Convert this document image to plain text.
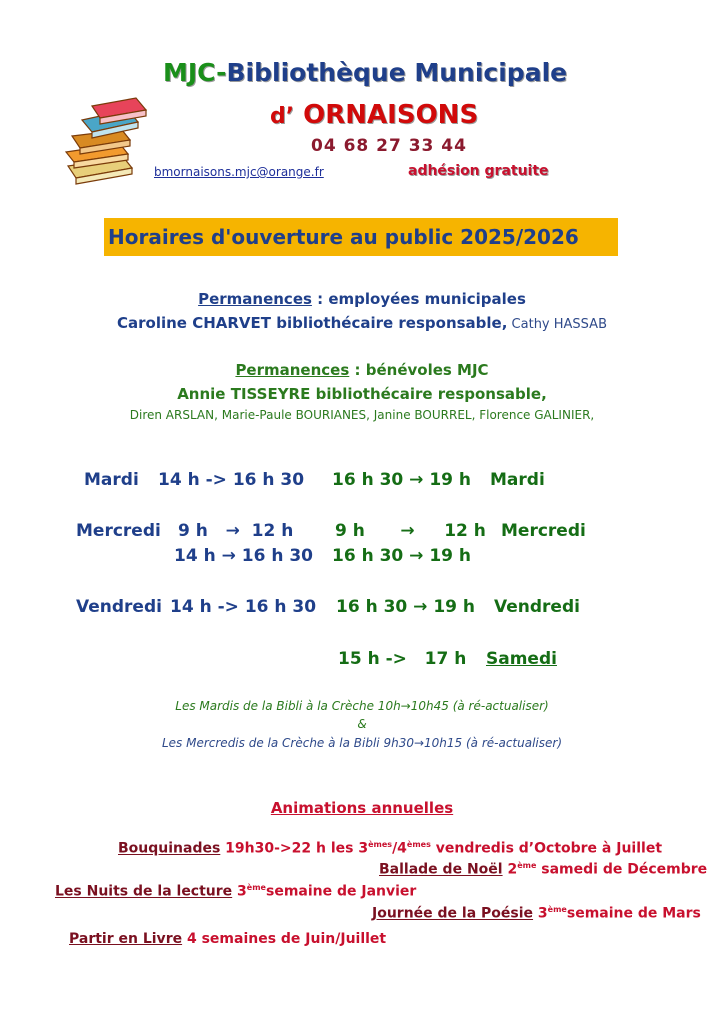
MJC-Bibliothèque Municipale
d’ ORNAISONS
04 68 27 33 44
bmornaisons.mjc@orange.fr	adhésion gratuite
Horaires d'ouverture au public 2025/2026
Permanences : employées municipales
Caroline CHARVET bibliothécaire responsable, Cathy HASSAB
Permanences : bénévoles MJC
Annie TISSEYRE bibliothécaire responsable,
Diren ARSLAN, Marie-Paule BOURIANES, Janine BOURREL, Florence GALINIER,
Mardi 14 h -> 16 h 30 16 h 30 → 19 h Mardi
Mercredi 9 h   →  12 h 9 h      →     12 h Mercredi
14 h → 16 h 30 16 h 30 → 19 h
Vendredi 14 h -> 16 h 30 16 h 30 → 19 h Vendredi
15 h ->   17 h Samedi
Les Mardis de la Bibli à la Crèche 10h→10h45 (à ré-actualiser)
&
Les Mercredis de la Crèche à la Bibli 9h30→10h15 (à ré-actualiser)
Animations annuelles
Bouquinades 19h30->22 h les 3èmes/4èmes vendredis d’Octobre à Juillet
Ballade de Noël 2ème samedi de Décembre
Les Nuits de la lecture 3èmesemaine de Janvier
Journée de la Poésie 3èmesemaine de Mars
Partir en Livre 4 semaines de Juin/Juillet
